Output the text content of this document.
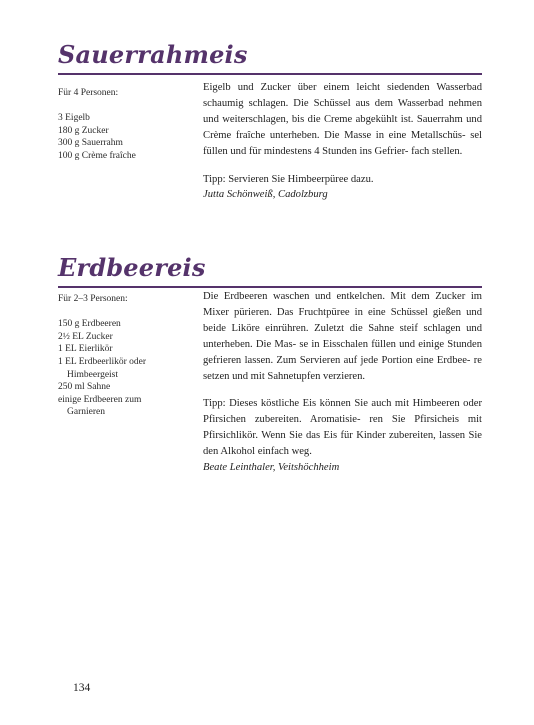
Sauerrahmeis
Für 4 Personen:
3 Eigelb
180 g Zucker
300 g Sauerrahm
100 g Crème fraîche

Eigelb und Zucker über einem leicht siedenden Wasserbad schaumig schlagen. Die Schüssel aus dem Wasserbad nehmen und weiterschlagen, bis die Creme abgekühlt ist. Sauerrahm und Crème fraîche unterheben. Die Masse in eine Metallschüs- sel füllen und für mindestens 4 Stunden ins Gefrier- fach stellen.

Tipp: Servieren Sie Himbeerpüree dazu.

Jutta Schönweiß, Cadolzburg

Erdbeereis
Für 2–3 Personen:
150 g Erdbeeren
2½ EL Zucker
1 EL Eierlikör
1 EL Erdbeerlikör oder
Himbeergeist
250 ml Sahne
einige Erdbeeren zum
Garnieren

Die Erdbeeren waschen und entkelchen. Mit dem Zucker im Mixer pürieren. Das Fruchtpüree in eine Schüssel gießen und beide Liköre einrühren. Zuletzt die Sahne steif schlagen und unterheben. Die Mas- se in Eisschalen füllen und einige Stunden gefrieren lassen. Zum Servieren auf jede Portion eine Erdbee- re setzen und mit Sahnetupfen verzieren.

Tipp: Dieses köstliche Eis können Sie auch mit Himbeeren oder Pfirsichen zubereiten. Aromatisie- ren Sie Pfirsicheis mit Pfirsichlikör. Wenn Sie das Eis für Kinder zubereiten, lassen Sie den Alkohol einfach weg.

Beate Leinthaler, Veitshöchheim

134
